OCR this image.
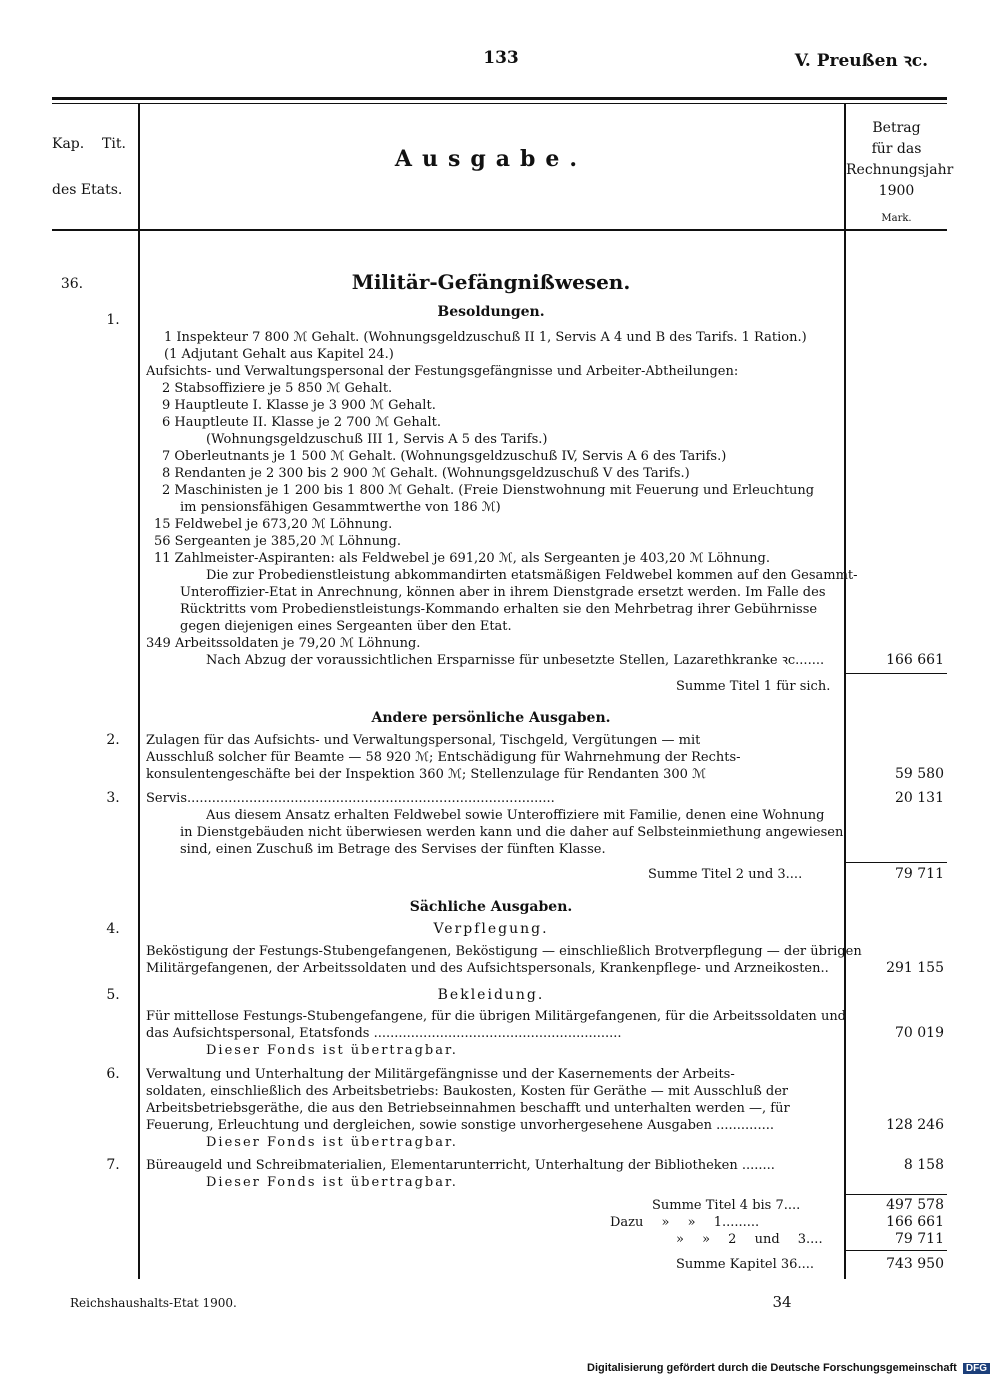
133	V. Preußen ꝛc.
Kap. Tit.
des Etats.
Ausgabe.
Betrag
für das
Rechnungsjahr
1900
Mark.
36.	Militär-Gefängnißwesen.
Besoldungen.
1.
1 Inspekteur 7 800 ℳ Gehalt. (Wohnungsgeldzuschuß II 1, Servis A 4 und B des Tarifs. 1 Ration.)
(1 Adjutant Gehalt aus Kapitel 24.)
Aufsichts- und Verwaltungspersonal der Festungsgefängnisse und Arbeiter-Abtheilungen:
2 Stabsoffiziere je 5 850 ℳ Gehalt.
9 Hauptleute I. Klasse je 3 900 ℳ Gehalt.
6 Hauptleute II. Klasse je 2 700 ℳ Gehalt.
(Wohnungsgeldzuschuß III 1, Servis A 5 des Tarifs.)
7 Oberleutnants je 1 500 ℳ Gehalt. (Wohnungsgeldzuschuß IV, Servis A 6 des Tarifs.)
8 Rendanten je 2 300 bis 2 900 ℳ Gehalt. (Wohnungsgeldzuschuß V des Tarifs.)
2 Maschinisten je 1 200 bis 1 800 ℳ Gehalt. (Freie Dienstwohnung mit Feuerung und Erleuchtung
im pensionsfähigen Gesammtwerthe von 186 ℳ)
15 Feldwebel je 673,20 ℳ Löhnung.
56 Sergeanten je 385,20 ℳ Löhnung.
11 Zahlmeister-Aspiranten: als Feldwebel je 691,20 ℳ, als Sergeanten je 403,20 ℳ Löhnung.
Die zur Probedienstleistung abkommandirten etatsmäßigen Feldwebel kommen auf den Gesammt-
Unteroffizier-Etat in Anrechnung, können aber in ihrem Dienstgrade ersetzt werden. Im Falle des
Rücktritts vom Probedienstleistungs-Kommando erhalten sie den Mehrbetrag ihrer Gebührnisse
gegen diejenigen eines Sergeanten über den Etat.
349 Arbeitssoldaten je 79,20 ℳ Löhnung.
Nach Abzug der voraussichtlichen Ersparnisse für unbesetzte Stellen, Lazarethkranke ꝛc.......	166 661
Summe Titel 1 für sich.
Andere persönliche Ausgaben.
2.	Zulagen für das Aufsichts- und Verwaltungspersonal, Tischgeld, Vergütungen — mit
Ausschluß solcher für Beamte — 58 920 ℳ; Entschädigung für Wahrnehmung der Rechts-
konsulentengeschäfte bei der Inspektion 360 ℳ; Stellenzulage für Rendanten 300 ℳ	59 580
3.	Servis.........................................................................................	20 131
Aus diesem Ansatz erhalten Feldwebel sowie Unteroffiziere mit Familie, denen eine Wohnung
in Dienstgebäuden nicht überwiesen werden kann und die daher auf Selbsteinmiethung angewiesen
sind, einen Zuschuß im Betrage des Servises der fünften Klasse.
Summe Titel 2 und 3....	79 711
Sächliche Ausgaben.
Verpflegung.
4.
Beköstigung der Festungs-Stubengefangenen, Beköstigung — einschließlich Brotverpflegung — der übrigen
Militärgefangenen, der Arbeitssoldaten und des Aufsichtspersonals, Krankenpflege- und Arzneikosten..	291 155
Bekleidung.
5.
Für mittellose Festungs-Stubengefangene, für die übrigen Militärgefangenen, für die Arbeitssoldaten und
das Aufsichtspersonal, Etatsfonds ............................................................	70 019
Dieser Fonds ist übertragbar.
6.	Verwaltung und Unterhaltung der Militärgefängnisse und der Kasernements der Arbeits-
soldaten, einschließlich des Arbeitsbetriebs: Baukosten, Kosten für Geräthe — mit Ausschluß der
Arbeitsbetriebsgeräthe, die aus den Betriebseinnahmen beschafft und unterhalten werden —, für
Feuerung, Erleuchtung und dergleichen, sowie sonstige unvorhergesehene Ausgaben ..............	128 246
Dieser Fonds ist übertragbar.
7.	Büreaugeld und Schreibmaterialien, Elementarunterricht, Unterhaltung der Bibliotheken ........	8 158
Dieser Fonds ist übertragbar.
Summe Titel 4 bis 7....	497 578
Dazu » » 1.........	166 661
» » 2 und 3....	79 711
Summe Kapitel 36....	743 950
Reichshaushalts-Etat 1900.	34
Digitalisierung gefördert durch die Deutsche Forschungsgemeinschaft DFG
